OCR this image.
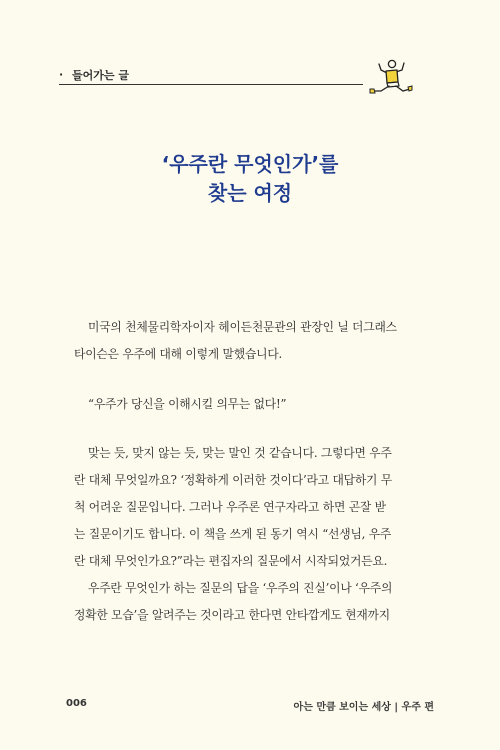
· 들어가는 글
‘우주란 무엇인가’를
찾는 여정
미국의 천체물리학자이자 헤이든천문관의 관장인 닐 더그래스
타이슨은 우주에 대해 이렇게 말했습니다.
“우주가 당신을 이해시킬 의무는 없다!”
맞는 듯, 맞지 않는 듯, 맞는 말인 것 같습니다. 그렇다면 우주
란 대체 무엇일까요? ‘정확하게 이러한 것이다’라고 대답하기 무
척 어려운 질문입니다. 그러나 우주론 연구자라고 하면 곤잘 받
는 질문이기도 합니다. 이 책을 쓰게 된 동기 역시 “선생님, 우주
란 대체 무엇인가요?”라는 편집자의 질문에서 시작되었거든요.
우주란 무엇인가 하는 질문의 답을 ‘우주의 진실’이나 ‘우주의
정확한 모습’을 알려주는 것이라고 한다면 안타깝게도 현재까지
006	아는 만큼 보이는 세상 | 우주 편
